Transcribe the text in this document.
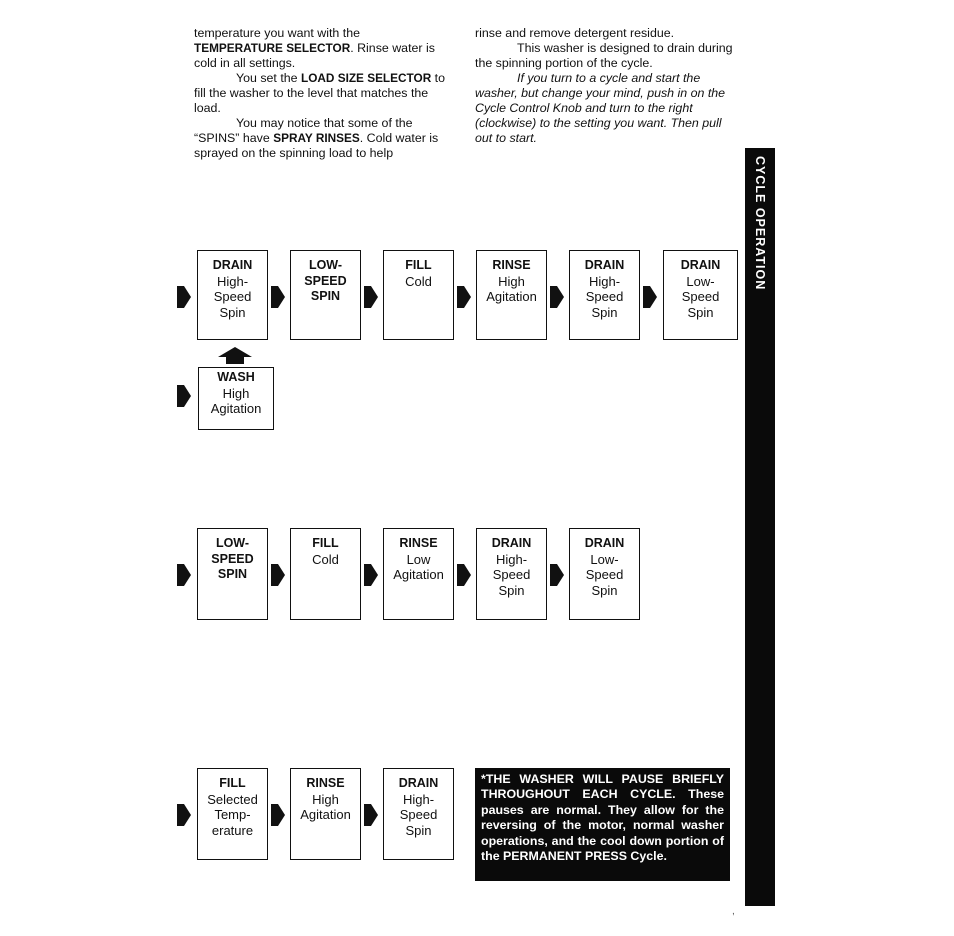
temperature you want with the

TEMPERATURE SELECTOR. Rinse water is

cold in all settings.

You set the LOAD SIZE SELECTOR to fill the washer to the level that matches the load.

You may notice that some of the “SPINS” have SPRAY RINSES. Cold water is sprayed on the spinning load to help

rinse and remove detergent residue.

This washer is designed to drain during the spinning portion of the cycle.

If you turn to a cycle and start the washer, but change your mind, push in on the Cycle Control Knob and turn to the right (clockwise) to the setting you want. Then pull out to start.

CYCLE OPERATION
DRAIN
High-
Speed
Spin
LOW-
SPEED
SPIN
FILL
Cold
RINSE
High
Agitation
DRAIN
High-
Speed
Spin
DRAIN
Low-
Speed
Spin
WASH
High
Agitation
LOW-
SPEED
SPIN
FILL
Cold
RINSE
Low
Agitation
DRAIN
High-
Speed
Spin
DRAIN
Low-
Speed
Spin
FILL
Selected
Temp-
erature
RINSE
High
Agitation
DRAIN
High-
Speed
Spin
*THE WASHER WILL PAUSE BRIEFLY THROUGHOUT EACH CYCLE. These pauses are normal. They allow for the reversing of the motor, normal washer operations, and the cool down portion of the PERMANENT PRESS Cycle.
,
